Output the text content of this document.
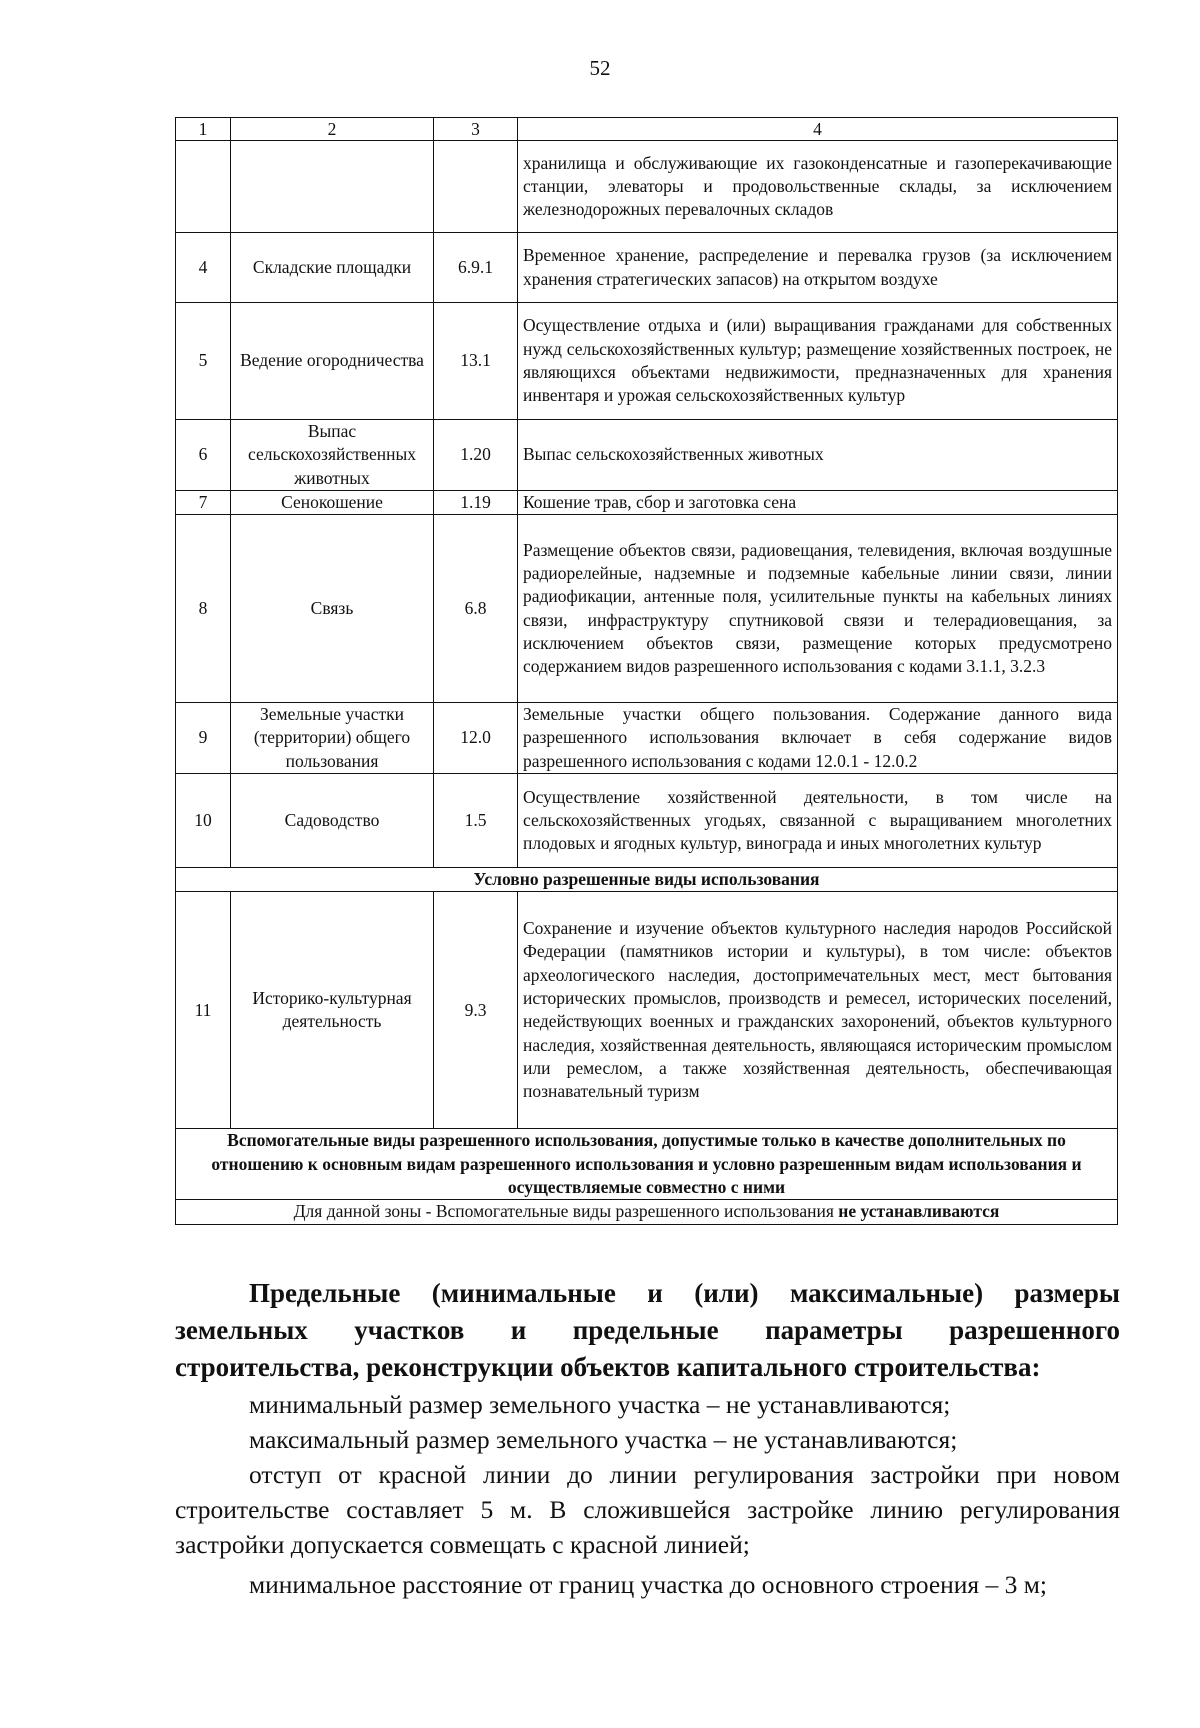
52
1	2	3	4
			хранилища и обслуживающие их газоконденсатные и газоперекачивающие станции, элеваторы и продовольственные склады, за исключением железнодорожных перевалочных складов
4	Складские площадки	6.9.1	Временное хранение, распределение и перевалка грузов (за исключением хранения стратегических запасов) на открытом воздухе
5	Ведение огородничества	13.1	Осуществление отдыха и (или) выращивания гражданами для собственных нужд сельскохозяйственных культур; размещение хозяйственных построек, не являющихся объектами недвижимости, предназначенных для хранения инвентаря и урожая сельскохозяйственных культур
6	Выпас сельскохозяйственных животных	1.20	Выпас сельскохозяйственных животных
7	Сенокошение	1.19	Кошение трав, сбор и заготовка сена
8	Связь	6.8	Размещение объектов связи, радиовещания, телевидения, включая воздушные радиорелейные, надземные и подземные кабельные линии связи, линии радиофикации, антенные поля, усилительные пункты на кабельных линиях связи, инфраструктуру спутниковой связи и телерадиовещания, за исключением объектов связи, размещение которых предусмотрено содержанием видов разрешенного использования с кодами 3.1.1, 3.2.3
9	Земельные участки (территории) общего пользования	12.0	Земельные участки общего пользования. Содержание данного вида разрешенного использования включает в себя содержание видов разрешенного использования с кодами 12.0.1 - 12.0.2
10	Садоводство	1.5	Осуществление хозяйственной деятельности, в том числе на сельскохозяйственных угодьях, связанной с выращиванием многолетних плодовых и ягодных культур, винограда и иных многолетних культур
Условно разрешенные виды использования			
11	Историко-культурная деятельность	9.3	Сохранение и изучение объектов культурного наследия народов Российской Федерации (памятников истории и культуры), в том числе: объектов археологического наследия, достопримечательных мест, мест бытования исторических промыслов, производств и ремесел, исторических поселений, недействующих военных и гражданских захоронений, объектов культурного наследия, хозяйственная деятельность, являющаяся историческим промыслом или ремеслом, а также хозяйственная деятельность, обеспечивающая познавательный туризм
Вспомогательные виды разрешенного использования, допустимые только в качестве дополнительных по отношению к основным видам разрешенного использования и условно разрешенным видам использования и осуществляемые совместно с ними			
Для данной зоны - Вспомогательные виды разрешенного использования не устанавливаются			
Предельные (минимальные и (или) максимальные) размеры
земельных участков и предельные параметры разрешенного
строительства, реконструкции объектов капитального строительства:
минимальный размер земельного участка – не устанавливаются;
максимальный размер земельного участка – не устанавливаются;
отступ от красной линии до линии регулирования застройки при новом строительстве составляет 5 м. В сложившейся застройке линию регулирования застройки допускается совмещать с красной линией;
минимальное расстояние от границ участка до основного строения – 3 м;
